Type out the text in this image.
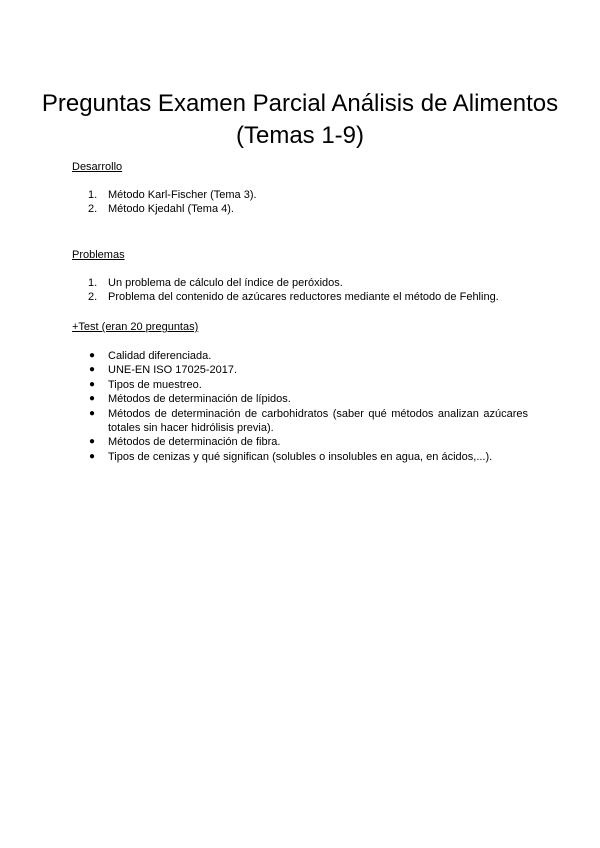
Preguntas Examen Parcial Análisis de Alimentos (Temas 1-9)
Desarrollo
1. Método Karl-Fischer (Tema 3).
2. Método Kjedahl (Tema 4).
Problemas
1. Un problema de cálculo del índice de peróxidos.
2. Problema del contenido de azúcares reductores mediante el método de Fehling.
+Test (eran 20 preguntas)
● Calidad diferenciada.
● UNE-EN ISO 17025-2017.
● Tipos de muestreo.
● Métodos de determinación de lípidos.
● Métodos de determinación de carbohidratos (saber qué métodos analizan azúcares totales sin hacer hidrólisis previa).
● Métodos de determinación de fibra.
● Tipos de cenizas y qué significan (solubles o insolubles en agua, en ácidos,...).
